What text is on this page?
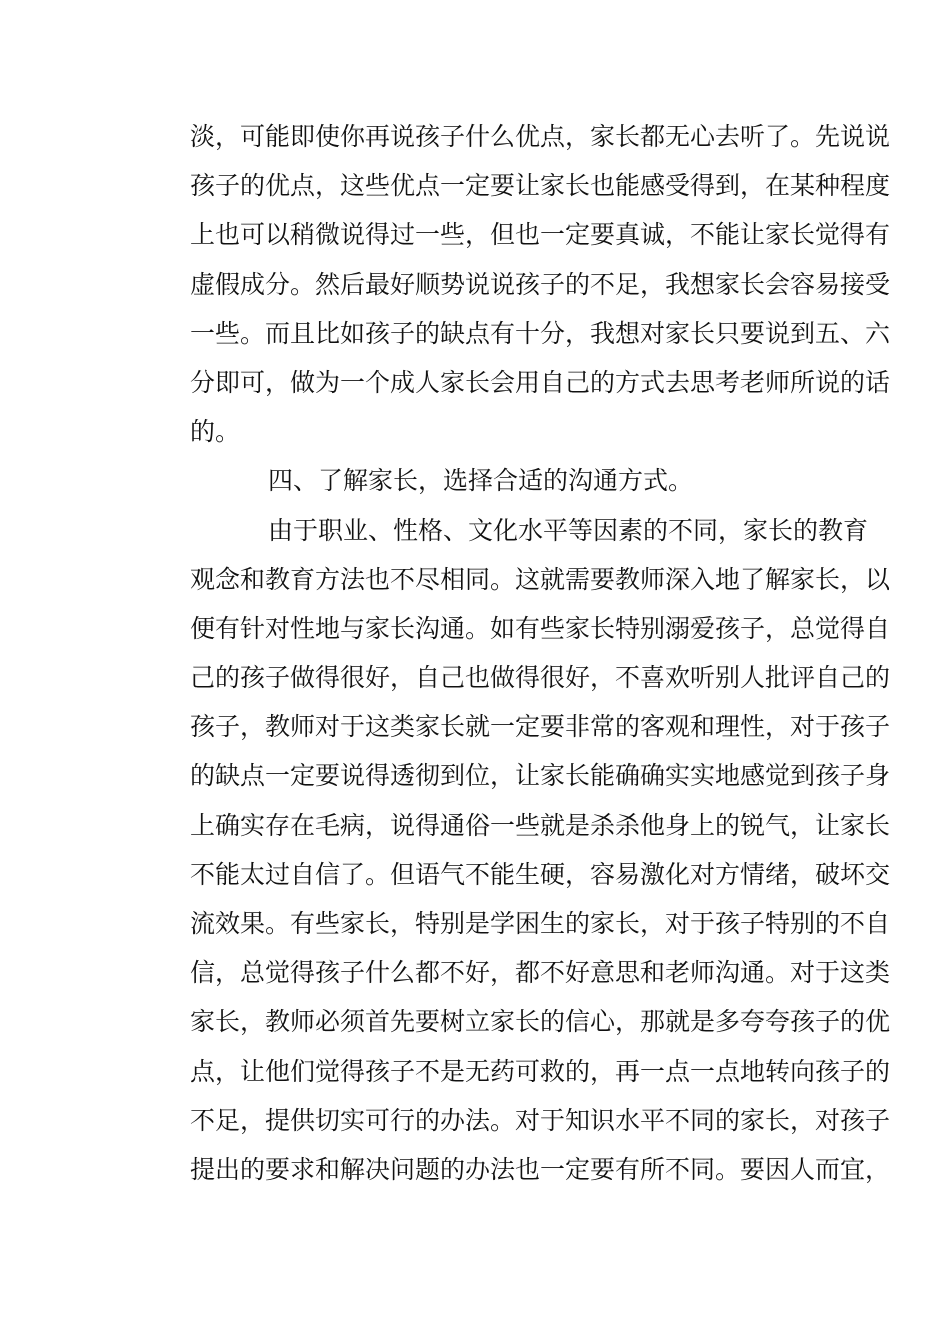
淡，可能即使你再说孩子什么优点，家长都无心去听了。先说说
孩子的优点，这些优点一定要让家长也能感受得到，在某种程度
上也可以稍微说得过一些，但也一定要真诚，不能让家长觉得有
虚假成分。然后最好顺势说说孩子的不足，我想家长会容易接受
一些。而且比如孩子的缺点有十分，我想对家长只要说到五、六
分即可，做为一个成人家长会用自己的方式去思考老师所说的话
的。
四、了解家长，选择合适的沟通方式。
由于职业、性格、文化水平等因素的不同，家长的教育
观念和教育方法也不尽相同。这就需要教师深入地了解家长，以
便有针对性地与家长沟通。如有些家长特别溺爱孩子，总觉得自
己的孩子做得很好，自己也做得很好，不喜欢听别人批评自己的
孩子，教师对于这类家长就一定要非常的客观和理性，对于孩子
的缺点一定要说得透彻到位，让家长能确确实实地感觉到孩子身
上确实存在毛病，说得通俗一些就是杀杀他身上的锐气，让家长
不能太过自信了。但语气不能生硬，容易激化对方情绪，破坏交
流效果。有些家长，特别是学困生的家长，对于孩子特别的不自
信，总觉得孩子什么都不好，都不好意思和老师沟通。对于这类
家长，教师必须首先要树立家长的信心，那就是多夸夸孩子的优
点，让他们觉得孩子不是无药可救的，再一点一点地转向孩子的
不足，提供切实可行的办法。对于知识水平不同的家长，对孩子
提出的要求和解决问题的办法也一定要有所不同。要因人而宜，
